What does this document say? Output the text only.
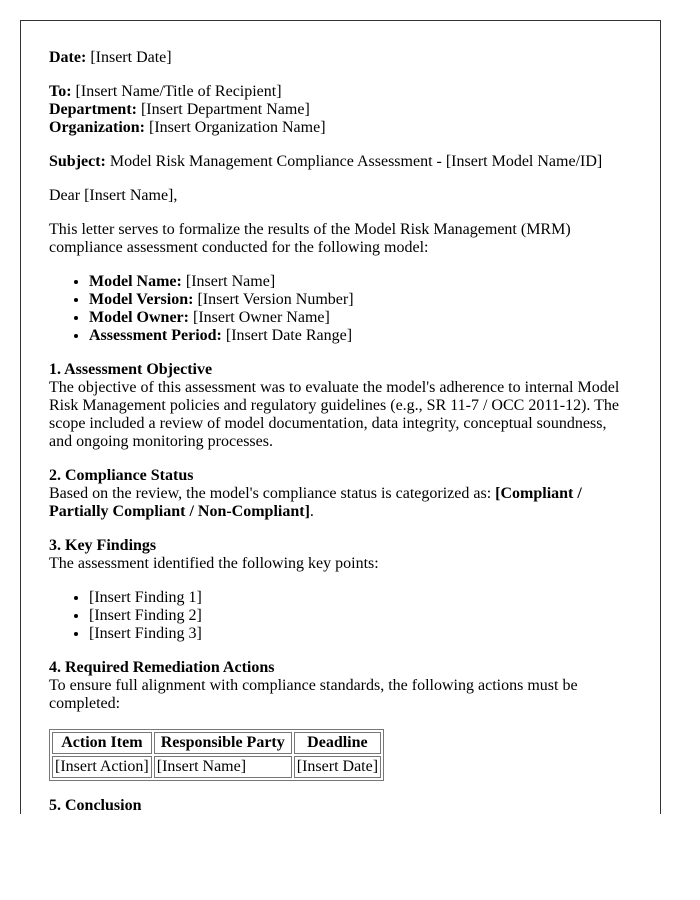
Date: [Insert Date]

To: [Insert Name/Title of Recipient]
Department: [Insert Department Name]
Organization: [Insert Organization Name]

Subject: Model Risk Management Compliance Assessment - [Insert Model Name/ID]

Dear [Insert Name],

This letter serves to formalize the results of the Model Risk Management (MRM) compliance assessment conducted for the following model:

• Model Name: [Insert Name]
• Model Version: [Insert Version Number]
• Model Owner: [Insert Owner Name]
• Assessment Period: [Insert Date Range]
1. Assessment Objective

The objective of this assessment was to evaluate the model's adherence to internal Model Risk Management policies and regulatory guidelines (e.g., SR 11-7 / OCC 2011-12). The scope included a review of model documentation, data integrity, conceptual soundness, and ongoing monitoring processes.

2. Compliance Status

Based on the review, the model's compliance status is categorized as: [Compliant / Partially Compliant / Non-Compliant].

3. Key Findings

The assessment identified the following key points:

• [Insert Finding 1]
• [Insert Finding 2]
• [Insert Finding 3]
4. Required Remediation Actions

To ensure full alignment with compliance standards, the following actions must be completed:

Action Item	Responsible Party	Deadline
[Insert Action]	[Insert Name]	[Insert Date]
5. Conclusion
